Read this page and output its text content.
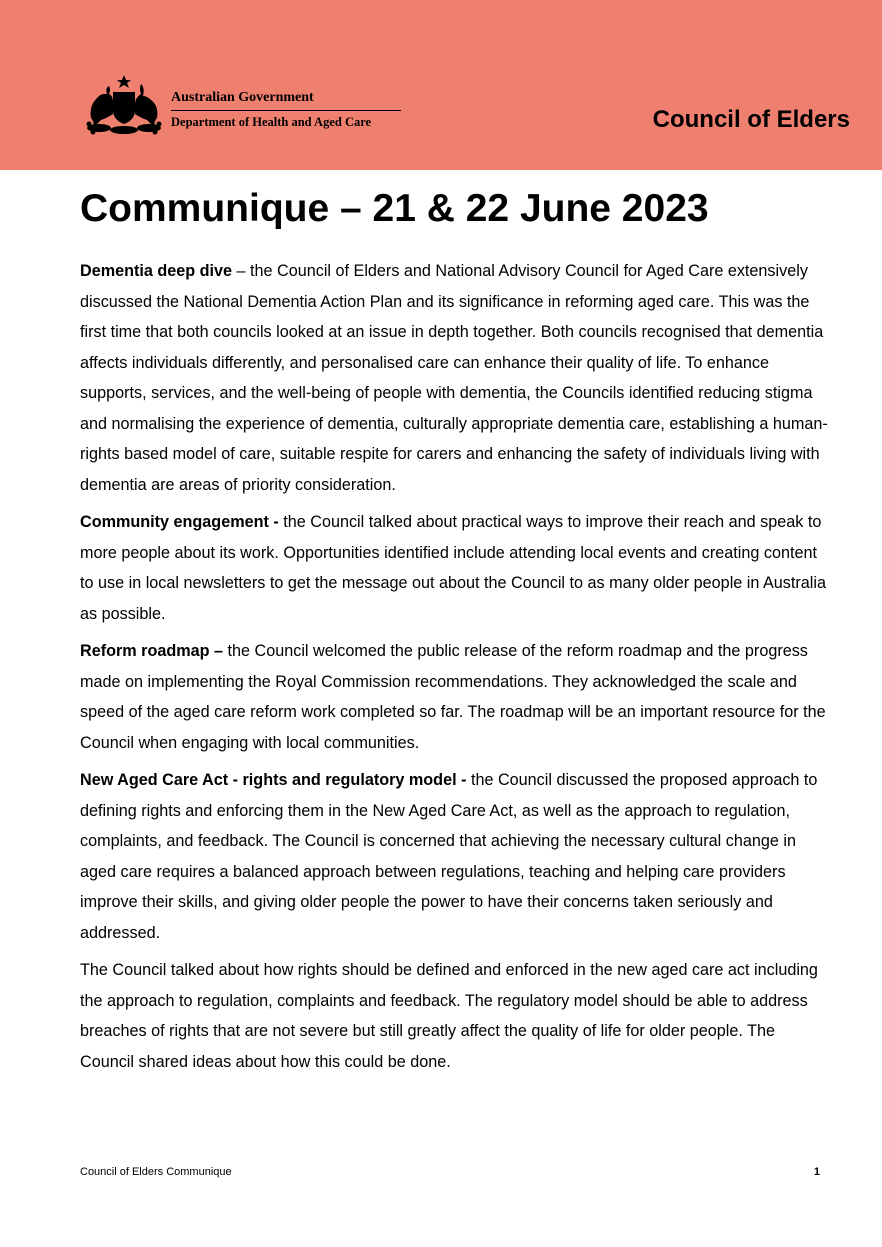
Australian Government
Department of Health and Aged Care	Council of Elders
Communique – 21 & 22 June 2023

Dementia deep dive – the Council of Elders and National Advisory Council for Aged Care extensively discussed the National Dementia Action Plan and its significance in reforming aged care. This was the first time that both councils looked at an issue in depth together. Both councils recognised that dementia affects individuals differently, and personalised care can enhance their quality of life. To enhance supports, services, and the well-being of people with dementia, the Councils identified reducing stigma and normalising the experience of dementia, culturally appropriate dementia care, establishing a human-rights based model of care, suitable respite for carers and enhancing the safety of individuals living with dementia are areas of priority consideration.

Community engagement - the Council talked about practical ways to improve their reach and speak to more people about its work. Opportunities identified include attending local events and creating content to use in local newsletters to get the message out about the Council to as many older people in Australia as possible.

Reform roadmap – the Council welcomed the public release of the reform roadmap and the progress made on implementing the Royal Commission recommendations. They acknowledged the scale and speed of the aged care reform work completed so far. The roadmap will be an important resource for the Council when engaging with local communities.

New Aged Care Act - rights and regulatory model - the Council discussed the proposed approach to defining rights and enforcing them in the New Aged Care Act, as well as the approach to regulation, complaints, and feedback. The Council is concerned that achieving the necessary cultural change in aged care requires a balanced approach between regulations, teaching and helping care providers improve their skills, and giving older people the power to have their concerns taken seriously and addressed.

The Council talked about how rights should be defined and enforced in the new aged care act including the approach to regulation, complaints and feedback. The regulatory model should be able to address breaches of rights that are not severe but still greatly affect the quality of life for older people. The Council shared ideas about how this could be done.

Council of Elders Communique	1
